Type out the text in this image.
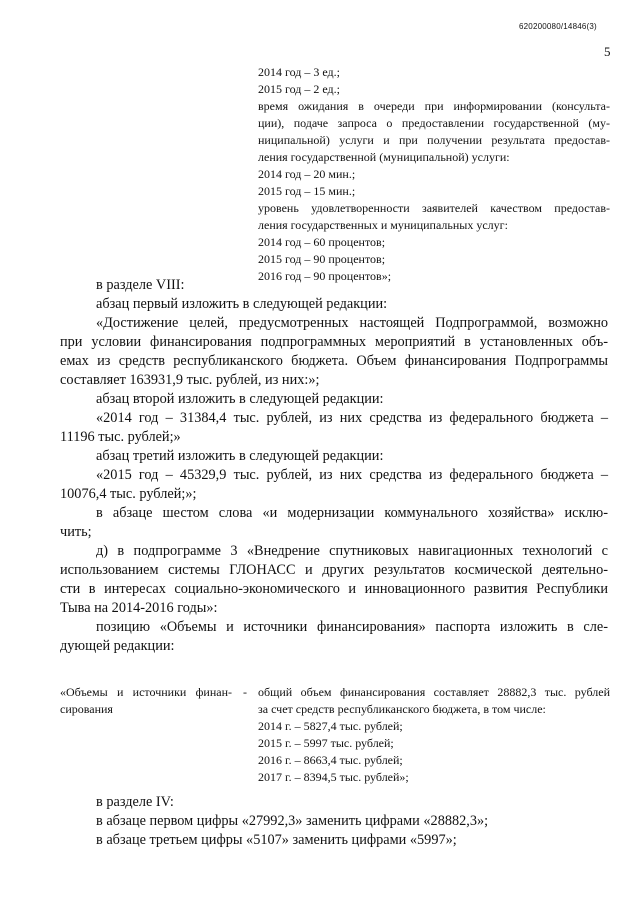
620200080/14846(3)
5
2014 год – 3 ед.;
2015 год – 2 ед.;
время ожидания в очереди при информировании (консульта-
ции), подаче запроса о предоставлении государственной (му-
ниципальной) услуги и при получении результата предостав-
ления государственной (муниципальной) услуги:
2014 год – 20 мин.;
2015 год – 15 мин.;
уровень удовлетворенности заявителей качеством предостав-
ления государственных и муниципальных услуг:
2014 год – 60 процентов;
2015 год – 90 процентов;
2016 год – 90 процентов»;
в разделе VIII:
абзац первый изложить в следующей редакции:
«Достижение целей, предусмотренных настоящей Подпрограммой, возможно
при условии финансирования подпрограммных мероприятий в установленных объ-
емах из средств республиканского бюджета. Объем финансирования Подпрограммы
составляет 163931,9 тыс. рублей, из них:»;
абзац второй изложить в следующей редакции:
«2014 год – 31384,4 тыс. рублей, из них средства из федерального бюджета –
11196 тыс. рублей;»
абзац третий изложить в следующей редакции:
«2015 год – 45329,9 тыс. рублей, из них средства из федерального бюджета –
10076,4 тыс. рублей;»;
в абзаце шестом слова «и модернизации коммунального хозяйства» исклю-
чить;
д) в подпрограмме 3 «Внедрение спутниковых навигационных технологий с
использованием системы ГЛОНАСС и других результатов космической деятельно-
сти в интересах социально-экономического и инновационного развития Республики
Тыва на 2014-2016 годы»:
позицию «Объемы и источники финансирования» паспорта изложить в сле-
дующей редакции:
«Объемы и источники финан-
сирования
- общий объем финансирования составляет 28882,3 тыс. рублей
за счет средств республиканского бюджета, в том числе:
2014 г. – 5827,4 тыс. рублей;
2015 г. – 5997 тыс. рублей;
2016 г. – 8663,4 тыс. рублей;
2017 г. – 8394,5 тыс. рублей»;
в разделе IV:
в абзаце первом цифры «27992,3» заменить цифрами «28882,3»;
в абзаце третьем цифры «5107» заменить цифрами «5997»;
